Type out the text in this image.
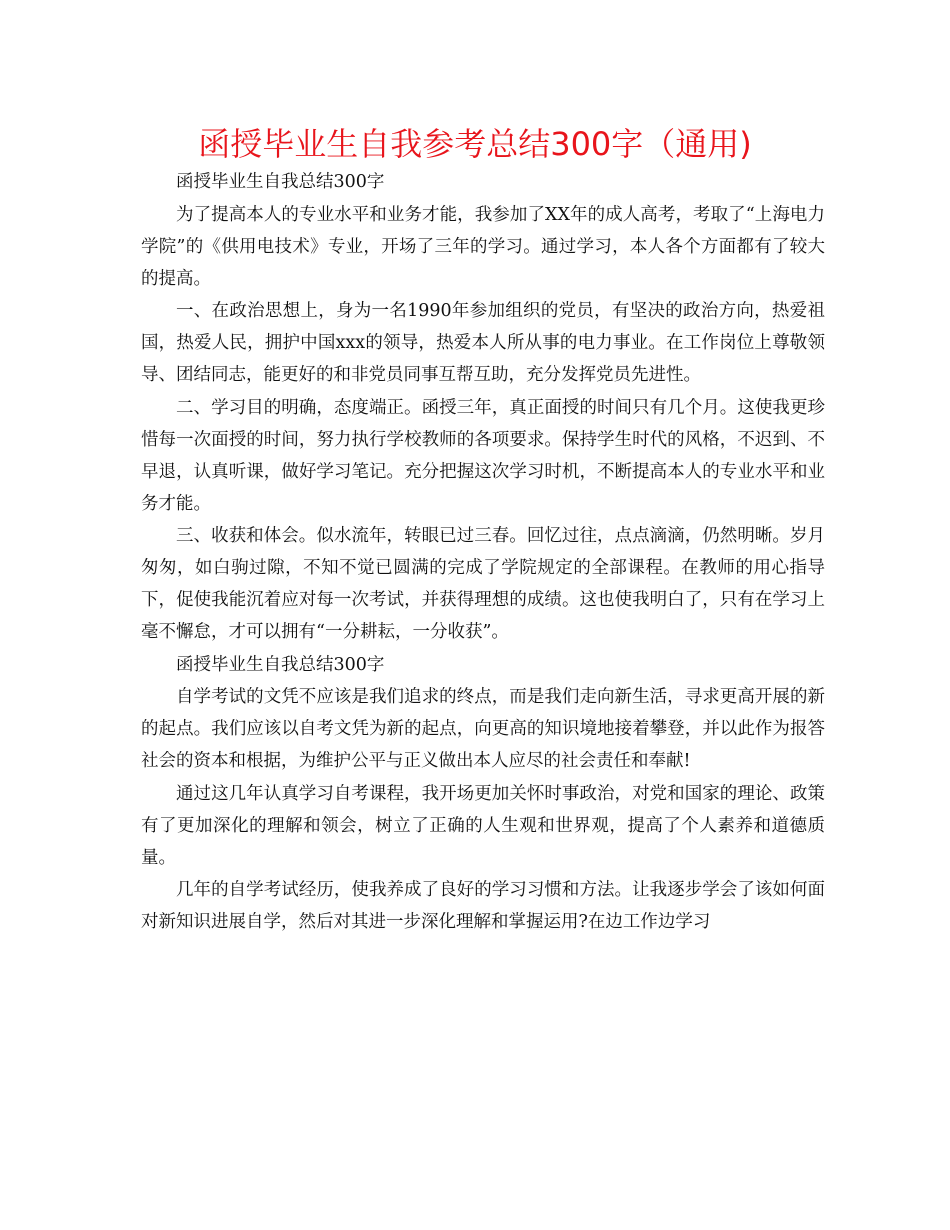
函授毕业生自我参考总结300字（通用)

函授毕业生自我总结300字

为了提高本人的专业水平和业务才能，我参加了XX年的成人高考，考取了“上海电力学院”的《供用电技术》专业，开场了三年的学习。通过学习，本人各个方面都有了较大的提高。

一、在政治思想上，身为一名1990年参加组织的党员，有坚决的政治方向，热爱祖国，热爱人民，拥护中国xxx的领导，热爱本人所从事的电力事业。在工作岗位上尊敬领导、团结同志，能更好的和非党员同事互帮互助，充分发挥党员先进性。

二、学习目的明确，态度端正。函授三年，真正面授的时间只有几个月。这使我更珍惜每一次面授的时间，努力执行学校教师的各项要求。保持学生时代的风格，不迟到、不早退，认真听课，做好学习笔记。充分把握这次学习时机，不断提高本人的专业水平和业务才能。

三、收获和体会。似水流年，转眼已过三春。回忆过往，点点滴滴，仍然明晰。岁月匆匆，如白驹过隙，不知不觉已圆满的完成了学院规定的全部课程。在教师的用心指导下，促使我能沉着应对每一次考试，并获得理想的成绩。这也使我明白了，只有在学习上毫不懈怠，才可以拥有“一分耕耘，一分收获”。

函授毕业生自我总结300字

自学考试的文凭不应该是我们追求的终点，而是我们走向新生活，寻求更高开展的新的起点。我们应该以自考文凭为新的起点，向更高的知识境地接着攀登，并以此作为报答社会的资本和根据，为维护公平与正义做出本人应尽的社会责任和奉献!

通过这几年认真学习自考课程，我开场更加关怀时事政治，对党和国家的理论、政策有了更加深化的理解和领会，树立了正确的人生观和世界观，提高了个人素养和道德质量。

几年的自学考试经历，使我养成了良好的学习习惯和方法。让我逐步学会了该如何面对新知识进展自学，然后对其进一步深化理解和掌握运用?在边工作边学习
